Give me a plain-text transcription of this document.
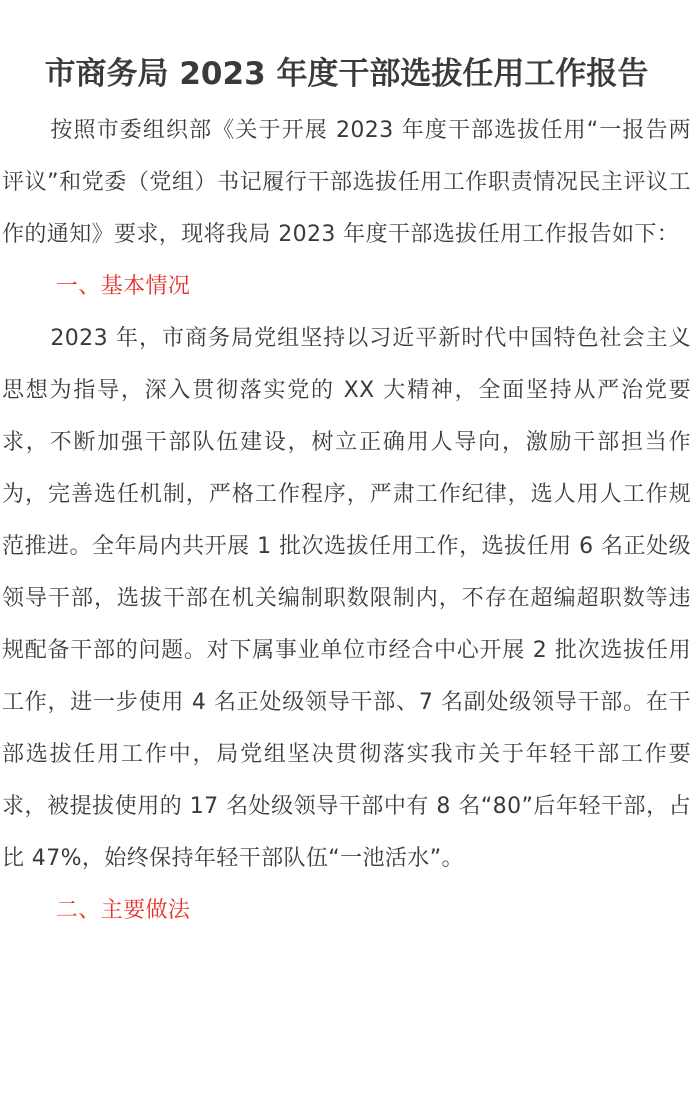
市商务局 2023 年度干部选拔任用工作报告

按照市委组织部《关于开展 2023 年度干部选拔任用“一报告两评议”和党委（党组）书记履行干部选拔任用工作职责情况民主评议工作的通知》要求，现将我局 2023 年度干部选拔任用工作报告如下：

一、基本情况

2023 年，市商务局党组坚持以习近平新时代中国特色社会主义思想为指导，深入贯彻落实党的 XX 大精神，全面坚持从严治党要求，不断加强干部队伍建设，树立正确用人导向，激励干部担当作为，完善选任机制，严格工作程序，严肃工作纪律，选人用人工作规范推进。全年局内共开展 1 批次选拔任用工作，选拔任用 6 名正处级领导干部，选拔干部在机关编制职数限制内，不存在超编超职数等违规配备干部的问题。对下属事业单位市经合中心开展 2 批次选拔任用工作，进一步使用 4 名正处级领导干部、7 名副处级领导干部。在干部选拔任用工作中，局党组坚决贯彻落实我市关于年轻干部工作要求，被提拔使用的 17 名处级领导干部中有 8 名“80”后年轻干部，占比 47%，始终保持年轻干部队伍“一池活水”。

二、主要做法
